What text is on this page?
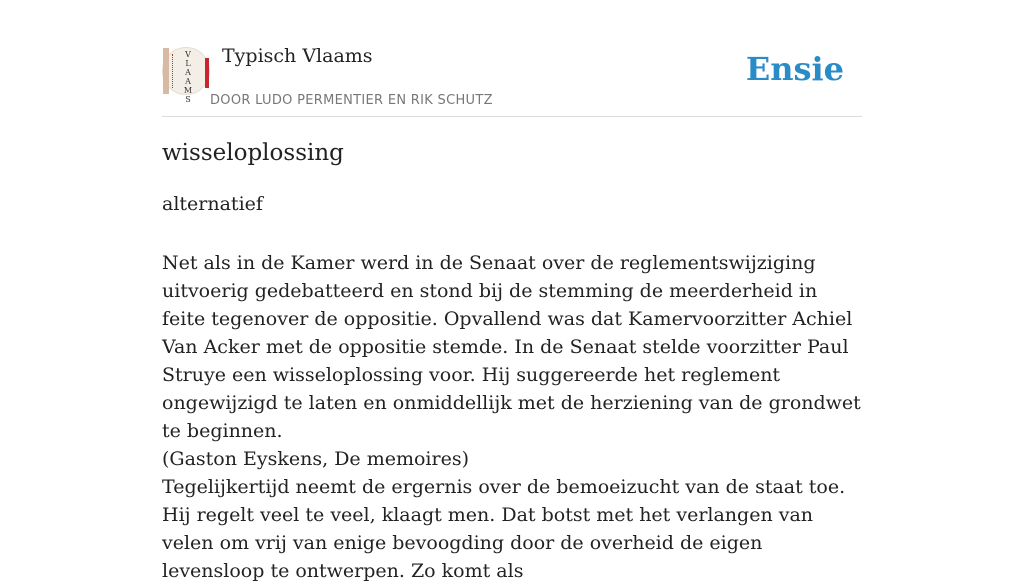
V
L
A
A
M
S
Typisch Vlaams
DOOR LUDO PERMENTIER EN RIK SCHUTZ
Ensie
wisseloplossing
alternatief

Net als in de Kamer werd in de Senaat over de reglementswijziging uitvoerig gedebatteerd en stond bij de stemming de meerderheid in feite tegenover de oppositie. Opvallend was dat Kamervoorzitter Achiel Van Acker met de oppositie stemde. In de Senaat stelde voorzitter Paul Struye een wisseloplossing voor. Hij suggereerde het reglement ongewijzigd te laten en onmiddellijk met de herziening van de grondwet te beginnen.

(Gaston Eyskens, De memoires)

Tegelijkertijd neemt de ergernis over de bemoeizucht van de staat toe. Hij regelt veel te veel, klaagt men. Dat botst met het verlangen van velen om vrij van enige bevoogding door de overheid de eigen levensloop te ontwerpen. Zo komt als
